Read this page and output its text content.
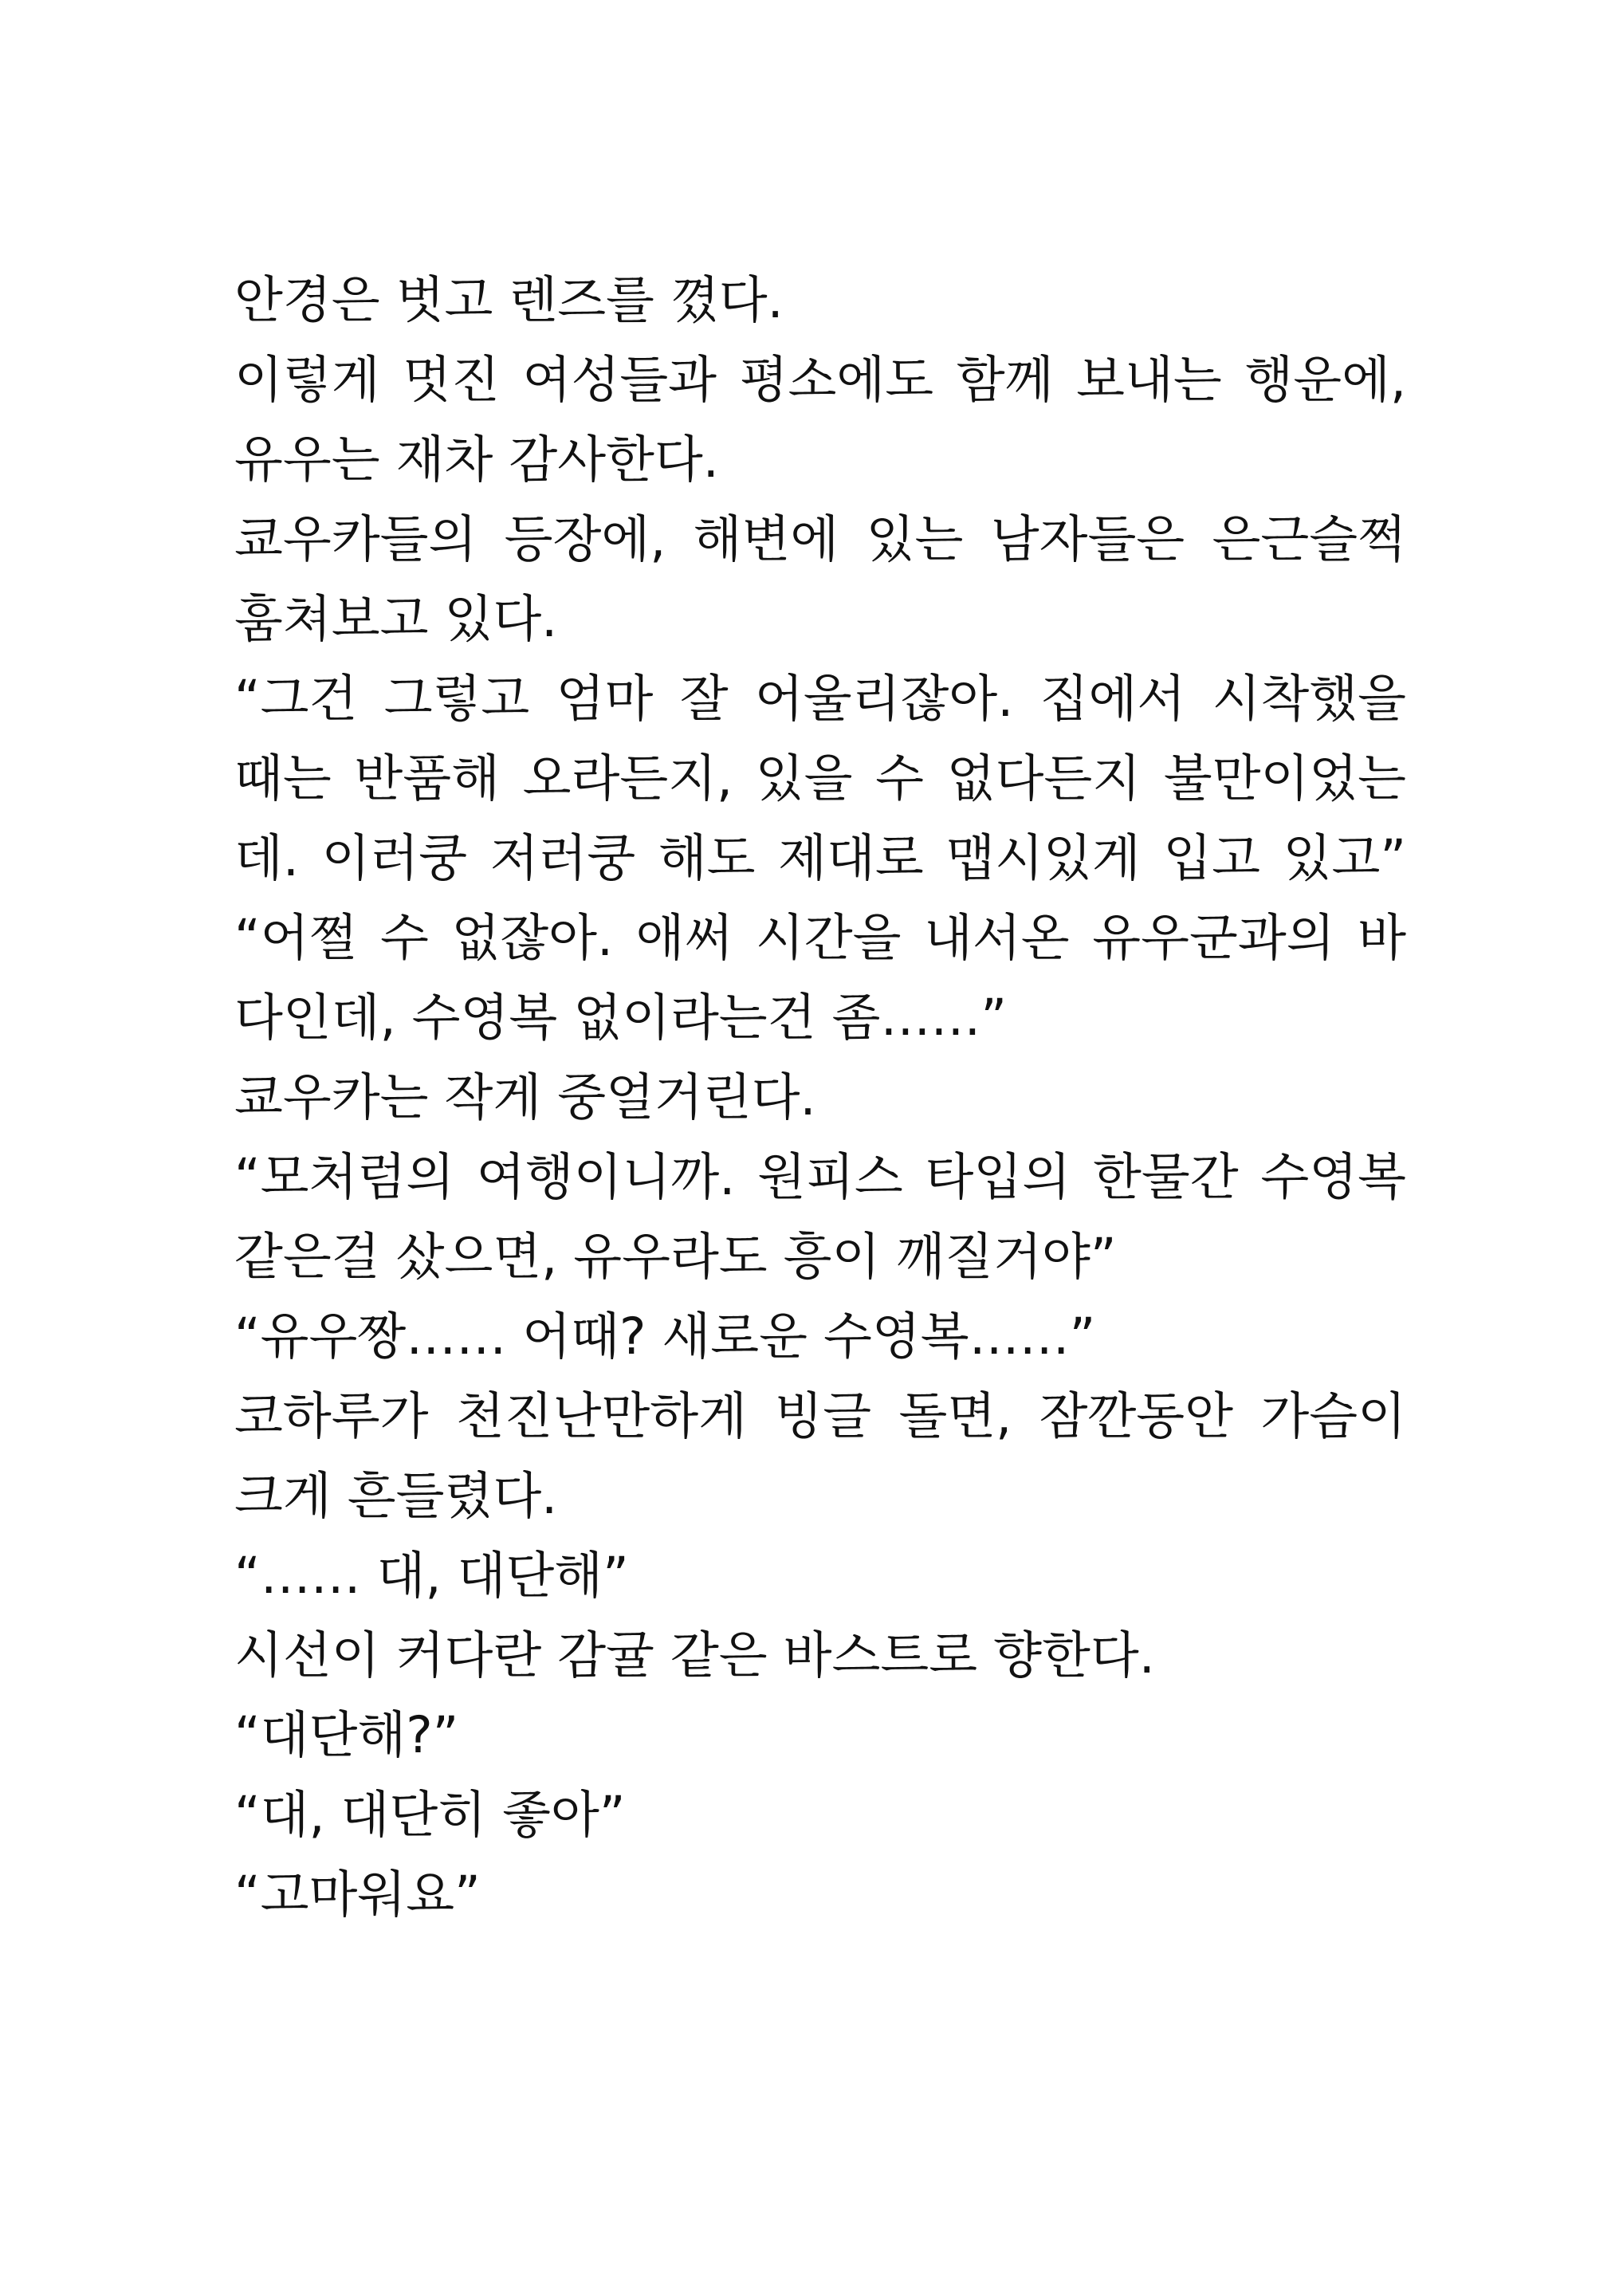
안경은 벗고 렌즈를 꼈다.
이렇게 멋진 여성들과 평소에도 함께 보내는 행운에,
유우는 재차 감사한다.
쿄우카들의 등장에, 해변에 있는 남자들은 은근슬쩍
훔쳐보고 있다.
“그건 그렇고 엄마 잘 어울리잖아. 집에서 시착했을
때는 반품해 오라든지, 있을 수 없다든지 불만이었는
데. 이러쿵 저러쿵 해도 제대로 맵시있게 입고 있고”
“어쩔 수 없잖아. 애써 시간을 내서온 유우군과의 바
다인데, 수영복 없이라는건 좀……”
쿄우카는 작게 중얼거린다.
“모처럼의 여행이니까. 원피스 타입의 한물간 수영복
같은걸 샀으면, 유우라도 흥이 깨질거야”
“유우짱…… 어때? 새로운 수영복……”
코하루가 천진난만하게 빙글 돌면, 잠깐동안 가슴이
크게 흔들렸다.
“…… 대, 대단해”
시선이 커다란 감귤 같은 바스트로 향한다.
“대단해?”
“대, 대단히 좋아”
“고마워요”
